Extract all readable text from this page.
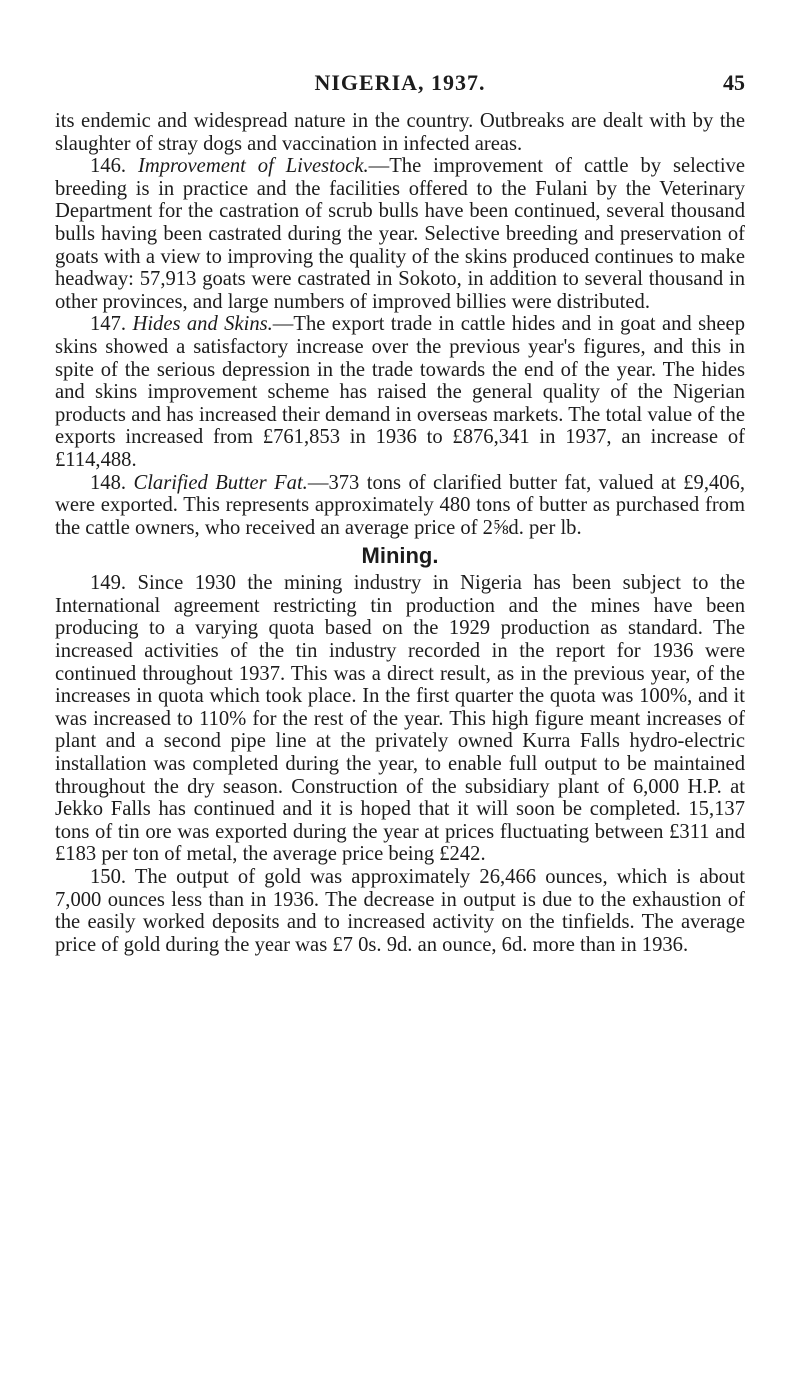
NIGERIA, 1937.	45

its endemic and widespread nature in the country. Outbreaks are dealt with by the slaughter of stray dogs and vaccination in infected areas.

146. Improvement of Livestock.—The improvement of cattle by selective breeding is in practice and the facilities offered to the Fulani by the Veterinary Department for the castration of scrub bulls have been continued, several thousand bulls having been castrated during the year. Selective breeding and preservation of goats with a view to improving the quality of the skins produced continues to make headway: 57,913 goats were castrated in Sokoto, in addition to several thousand in other provinces, and large numbers of improved billies were distributed.

147. Hides and Skins.—The export trade in cattle hides and in goat and sheep skins showed a satisfactory increase over the previous year's figures, and this in spite of the serious depression in the trade towards the end of the year. The hides and skins improvement scheme has raised the general quality of the Nigerian products and has increased their demand in overseas markets. The total value of the exports increased from £761,853 in 1936 to £876,341 in 1937, an increase of £114,488.

148. Clarified Butter Fat.—373 tons of clarified butter fat, valued at £9,406, were exported. This represents approximately 480 tons of butter as purchased from the cattle owners, who received an average price of 2⅝d. per lb.

Mining.

149. Since 1930 the mining industry in Nigeria has been subject to the International agreement restricting tin production and the mines have been producing to a varying quota based on the 1929 production as standard. The increased activities of the tin industry recorded in the report for 1936 were continued throughout 1937. This was a direct result, as in the previous year, of the increases in quota which took place. In the first quarter the quota was 100%, and it was increased to 110% for the rest of the year. This high figure meant increases of plant and a second pipe line at the privately owned Kurra Falls hydro-electric installation was completed during the year, to enable full output to be maintained throughout the dry season. Construction of the subsidiary plant of 6,000 H.P. at Jekko Falls has continued and it is hoped that it will soon be completed. 15,137 tons of tin ore was exported during the year at prices fluctuating between £311 and £183 per ton of metal, the average price being £242.

150. The output of gold was approximately 26,466 ounces, which is about 7,000 ounces less than in 1936. The decrease in output is due to the exhaustion of the easily worked deposits and to increased activity on the tinfields. The average price of gold during the year was £7 0s. 9d. an ounce, 6d. more than in 1936.
